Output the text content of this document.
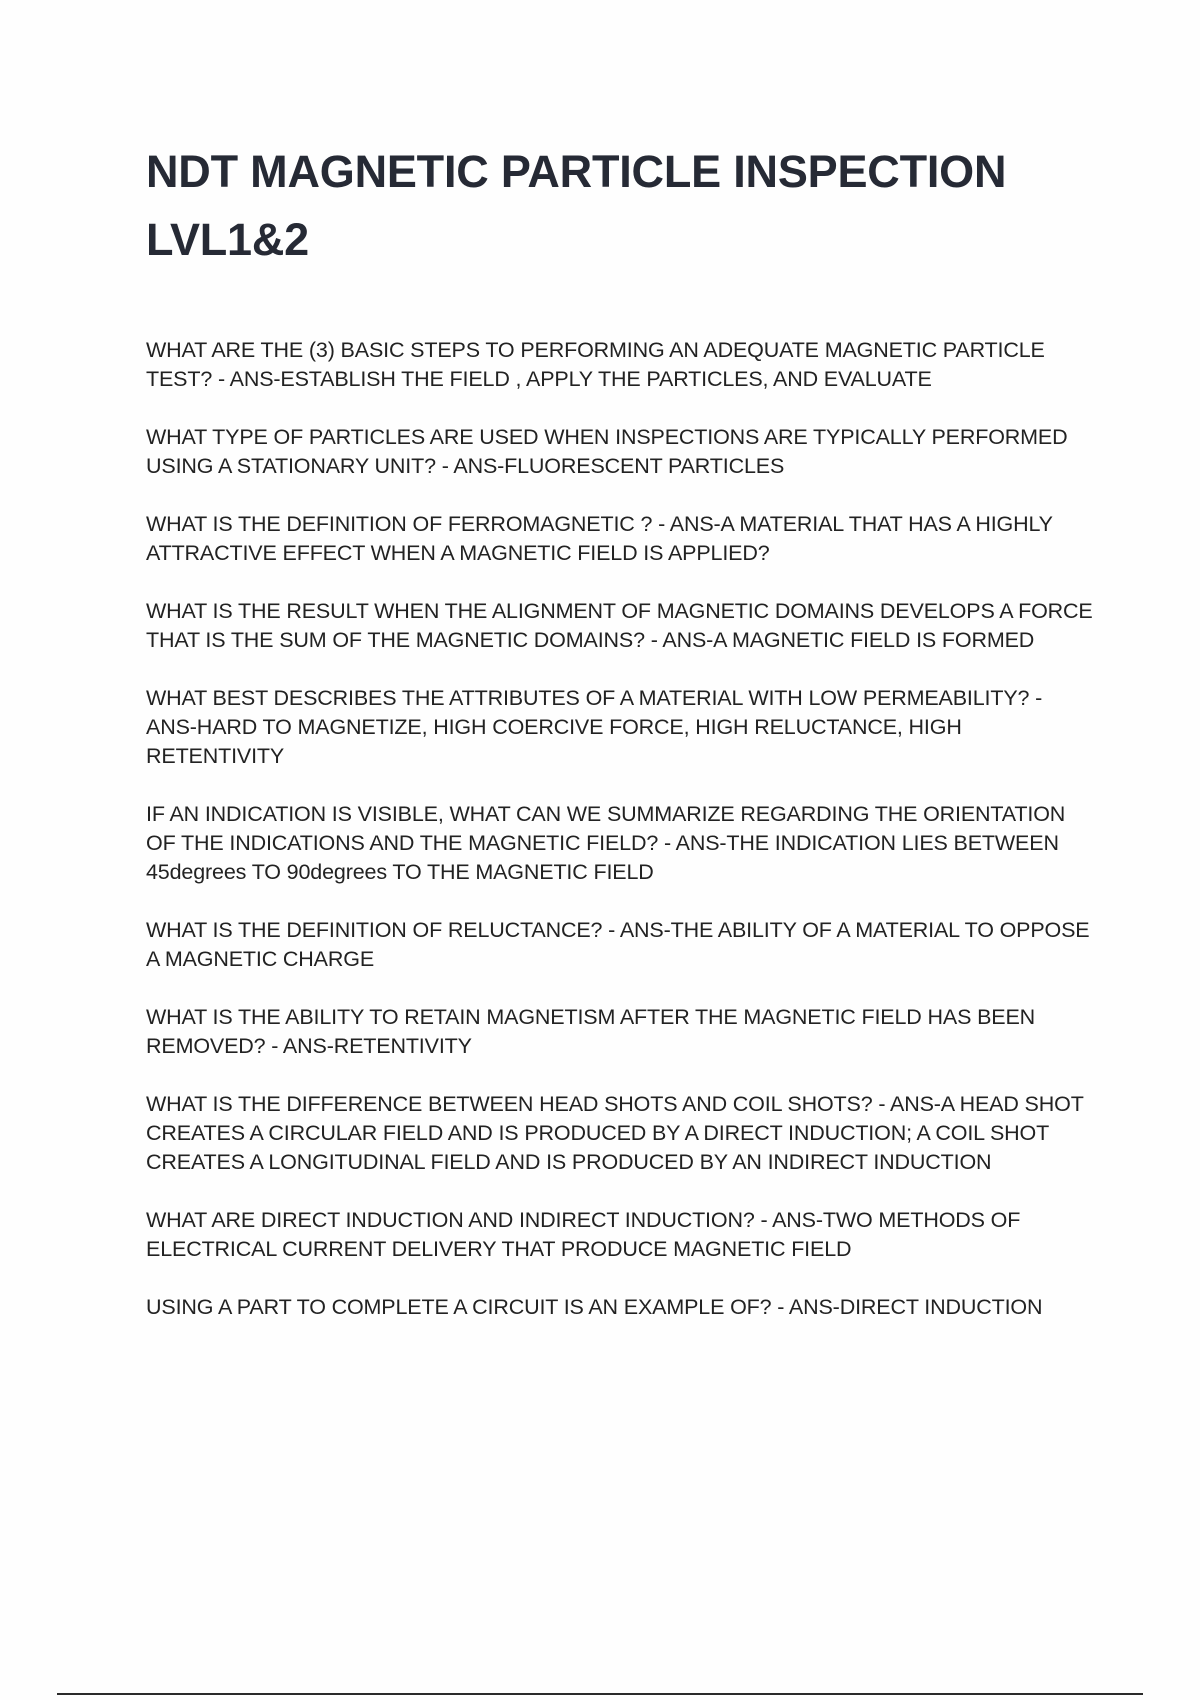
NDT MAGNETIC PARTICLE INSPECTION LVL1&2

WHAT ARE THE (3) BASIC STEPS TO PERFORMING AN ADEQUATE MAGNETIC PARTICLE TEST? - ANS-ESTABLISH THE FIELD , APPLY THE PARTICLES, AND EVALUATE

WHAT TYPE OF PARTICLES ARE USED WHEN INSPECTIONS ARE TYPICALLY PERFORMED USING A STATIONARY UNIT? - ANS-FLUORESCENT PARTICLES

WHAT IS THE DEFINITION OF FERROMAGNETIC ? - ANS-A MATERIAL THAT HAS A HIGHLY ATTRACTIVE EFFECT WHEN A MAGNETIC FIELD IS APPLIED?

WHAT IS THE RESULT WHEN THE ALIGNMENT OF MAGNETIC DOMAINS DEVELOPS A FORCE THAT IS THE SUM OF THE MAGNETIC DOMAINS? - ANS-A MAGNETIC FIELD IS FORMED

WHAT BEST DESCRIBES THE ATTRIBUTES OF A MATERIAL WITH LOW PERMEABILITY? - ANS-HARD TO MAGNETIZE, HIGH COERCIVE FORCE, HIGH RELUCTANCE, HIGH RETENTIVITY

IF AN INDICATION IS VISIBLE, WHAT CAN WE SUMMARIZE REGARDING THE ORIENTATION OF THE INDICATIONS AND THE MAGNETIC FIELD? - ANS-THE INDICATION LIES BETWEEN 45degrees TO 90degrees TO THE MAGNETIC FIELD

WHAT IS THE DEFINITION OF RELUCTANCE? - ANS-THE ABILITY OF A MATERIAL TO OPPOSE A MAGNETIC CHARGE

WHAT IS THE ABILITY TO RETAIN MAGNETISM AFTER THE MAGNETIC FIELD HAS BEEN REMOVED? - ANS-RETENTIVITY

WHAT IS THE DIFFERENCE BETWEEN HEAD SHOTS AND COIL SHOTS? - ANS-A HEAD SHOT CREATES A CIRCULAR FIELD AND IS PRODUCED BY A DIRECT INDUCTION; A COIL SHOT CREATES A LONGITUDINAL FIELD AND IS PRODUCED BY AN INDIRECT INDUCTION

WHAT ARE DIRECT INDUCTION AND INDIRECT INDUCTION? - ANS-TWO METHODS OF ELECTRICAL CURRENT DELIVERY THAT PRODUCE MAGNETIC FIELD

USING A PART TO COMPLETE A CIRCUIT IS AN EXAMPLE OF? - ANS-DIRECT INDUCTION
